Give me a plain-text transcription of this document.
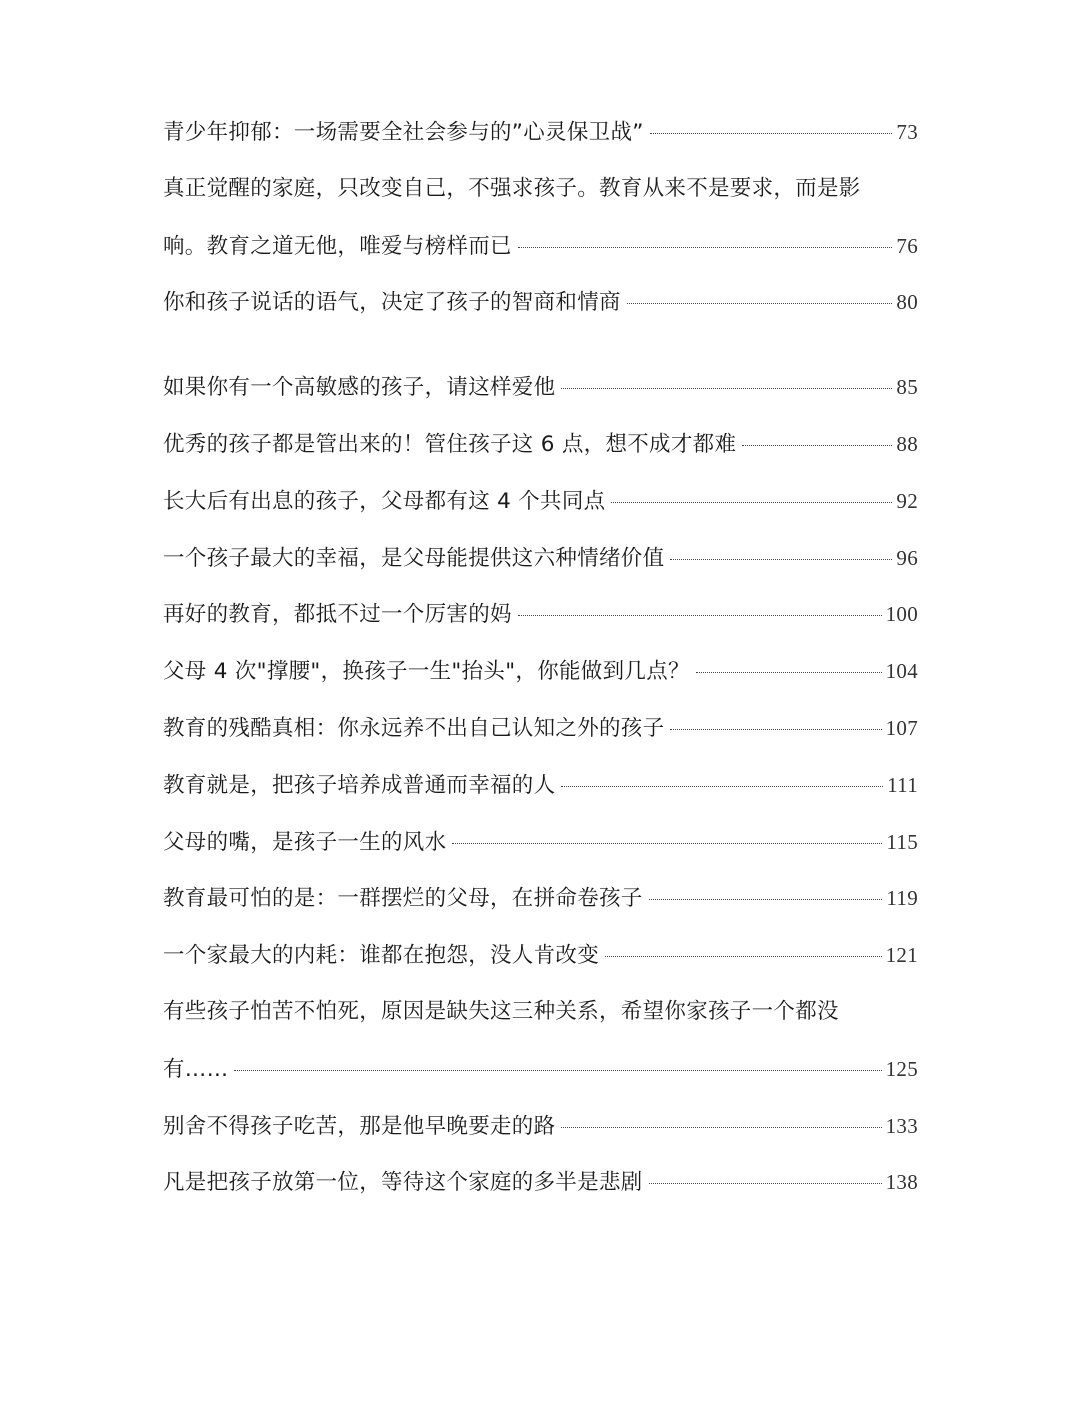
青少年抑郁：一场需要全社会参与的”心灵保卫战”	73
真正觉醒的家庭，只改变自己，不强求孩子。教育从来不是要求，而是影
响。教育之道无他，唯爱与榜样而已	76
你和孩子说话的语气，决定了孩子的智商和情商	80
如果你有一个高敏感的孩子，请这样爱他	85
优秀的孩子都是管出来的！管住孩子这 6 点，想不成才都难	88
长大后有出息的孩子，父母都有这 4 个共同点	92
一个孩子最大的幸福，是父母能提供这六种情绪价值	96
再好的教育，都抵不过一个厉害的妈	100
父母 4 次"撑腰"，换孩子一生"抬头"，你能做到几点？	104
教育的残酷真相：你永远养不出自己认知之外的孩子	107
教育就是，把孩子培养成普通而幸福的人	111
父母的嘴，是孩子一生的风水	115
教育最可怕的是：一群摆烂的父母，在拼命卷孩子	119
一个家最大的内耗：谁都在抱怨，没人肯改变	121
有些孩子怕苦不怕死，原因是缺失这三种关系，希望你家孩子一个都没
有……	125
别舍不得孩子吃苦，那是他早晚要走的路	133
凡是把孩子放第一位，等待这个家庭的多半是悲剧	138
